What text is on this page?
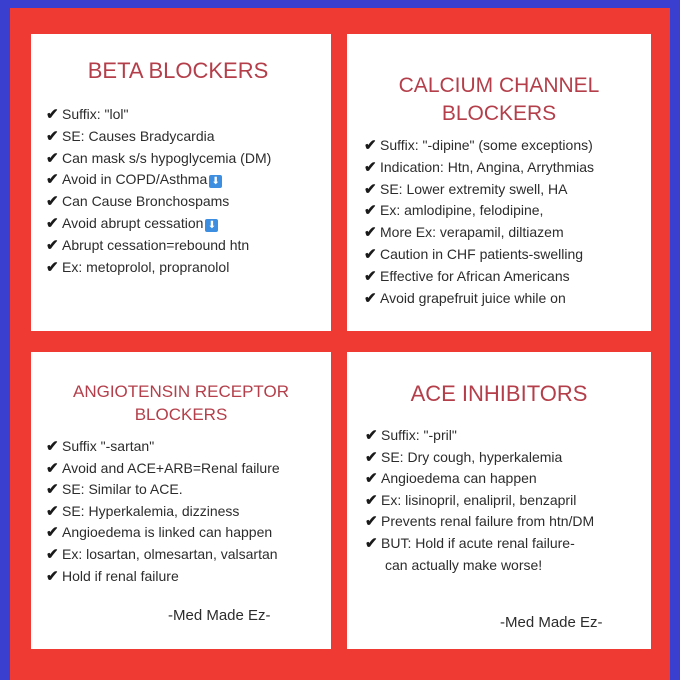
BETA BLOCKERS
✔ Suffix: "lol"
✔ SE: Causes Bradycardia
✔ Can mask s/s hypoglycemia (DM)
✔ Avoid in COPD/Asthma ⬇
✔ Can Cause Bronchospams
✔ Avoid abrupt cessation ⬇
✔ Abrupt cessation=rebound htn
✔ Ex: metoprolol, propranolol
CALCIUM CHANNEL
BLOCKERS
✔ Suffix: "-dipine" (some exceptions)
✔ Indication: Htn, Angina, Arrythmias
✔ SE: Lower extremity swell, HA
✔ Ex: amlodipine, felodipine,
✔ More Ex: verapamil, diltiazem
✔ Caution in CHF patients-swelling
✔ Effective for African Americans
✔ Avoid grapefruit juice while on
ANGIOTENSIN RECEPTOR
BLOCKERS
✔ Suffix "-sartan"
✔ Avoid and ACE+ARB=Renal failure
✔ SE: Similar to ACE.
✔ SE: Hyperkalemia, dizziness
✔ Angioedema is linked can happen
✔ Ex: losartan, olmesartan, valsartan
✔ Hold if renal failure
-Med Made Ez-
ACE INHIBITORS
✔ Suffix: "-pril"
✔ SE: Dry cough, hyperkalemia
✔ Angioedema can happen
✔ Ex: lisinopril, enalipril, benzapril
✔ Prevents renal failure from htn/DM
✔ BUT: Hold if acute renal failure-
can actually make worse!
-Med Made Ez-
